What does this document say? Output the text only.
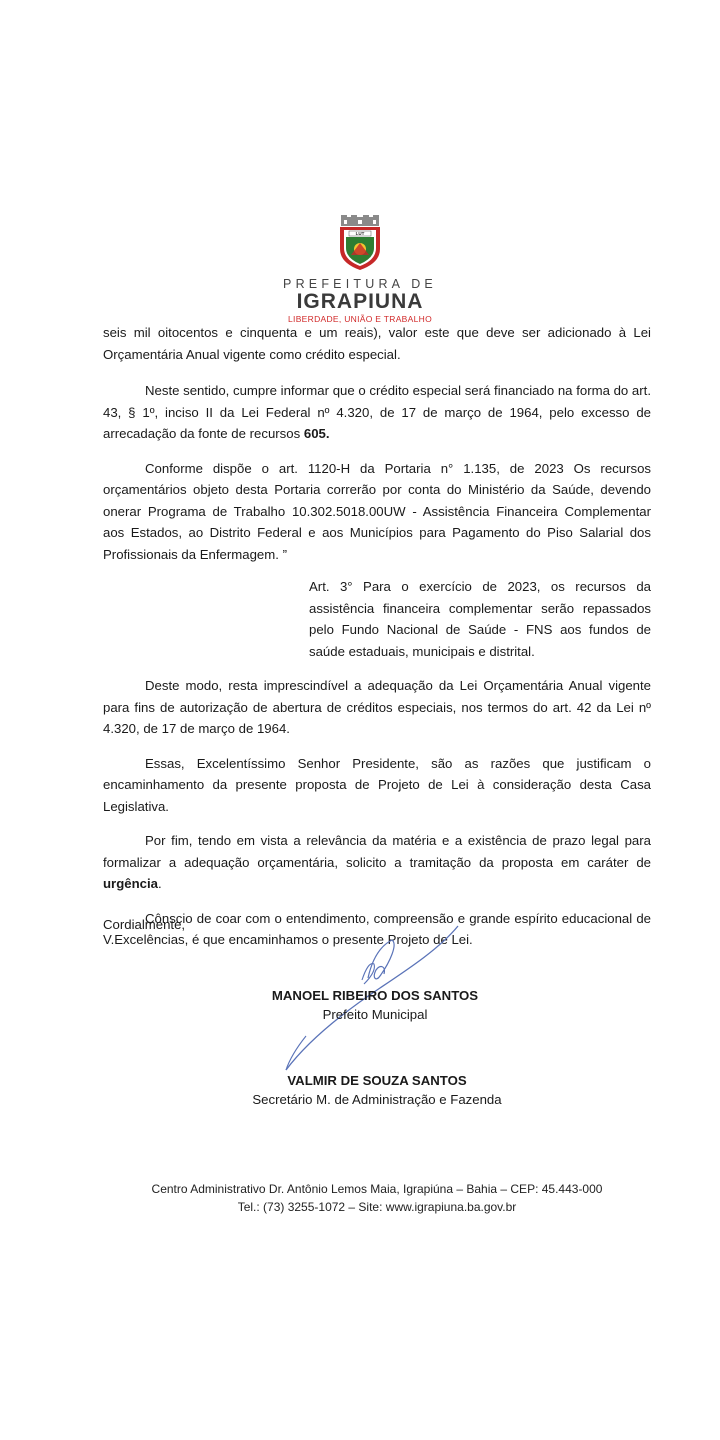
LUT
PREFEITURA DE
IGRAPIUNA
LIBERDADE, UNIÃO E TRABALHO

seis mil oitocentos e cinquenta e um reais), valor este que deve ser adicionado à Lei Orçamentária Anual vigente como crédito especial.

Neste sentido, cumpre informar que o crédito especial será financiado na forma do art. 43, § 1º, inciso II da Lei Federal nº 4.320, de 17 de março de 1964, pelo excesso de arrecadação da fonte de recursos 605.

Conforme dispõe o art. 1120-H da Portaria n° 1.135, de 2023 Os recursos orçamentários objeto desta Portaria correrão por conta do Ministério da Saúde, devendo onerar Programa de Trabalho 10.302.5018.00UW - Assistência Financeira Complementar aos Estados, ao Distrito Federal e aos Municípios para Pagamento do Piso Salarial dos Profissionais da Enfermagem. ”

Art. 3° Para o exercício de 2023, os recursos da assistência financeira complementar serão repassados pelo Fundo Nacional de Saúde - FNS aos fundos de saúde estaduais, municipais e distrital.

Deste modo, resta imprescindível a adequação da Lei Orçamentária Anual vigente para fins de autorização de abertura de créditos especiais, nos termos do art. 42 da Lei nº 4.320, de 17 de março de 1964.

Essas, Excelentíssimo Senhor Presidente, são as razões que justificam o encaminhamento da presente proposta de Projeto de Lei à consideração desta Casa Legislativa.

Por fim, tendo em vista a relevância da matéria e a existência de prazo legal para formalizar a adequação orçamentária, solicito a tramitação da proposta em caráter de urgência.

Cônscio de coar com o entendimento, compreensão e grande espírito educacional de V.Excelências, é que encaminhamos o presente Projeto de Lei.

Cordialmente,
MANOEL RIBEIRO DOS SANTOS
Prefeito Municipal
VALMIR DE SOUZA SANTOS
Secretário M. de Administração e Fazenda
Centro Administrativo Dr. Antônio Lemos Maia, Igrapiúna – Bahia – CEP: 45.443-000
Tel.: (73) 3255-1072 – Site: www.igrapiuna.ba.gov.br
